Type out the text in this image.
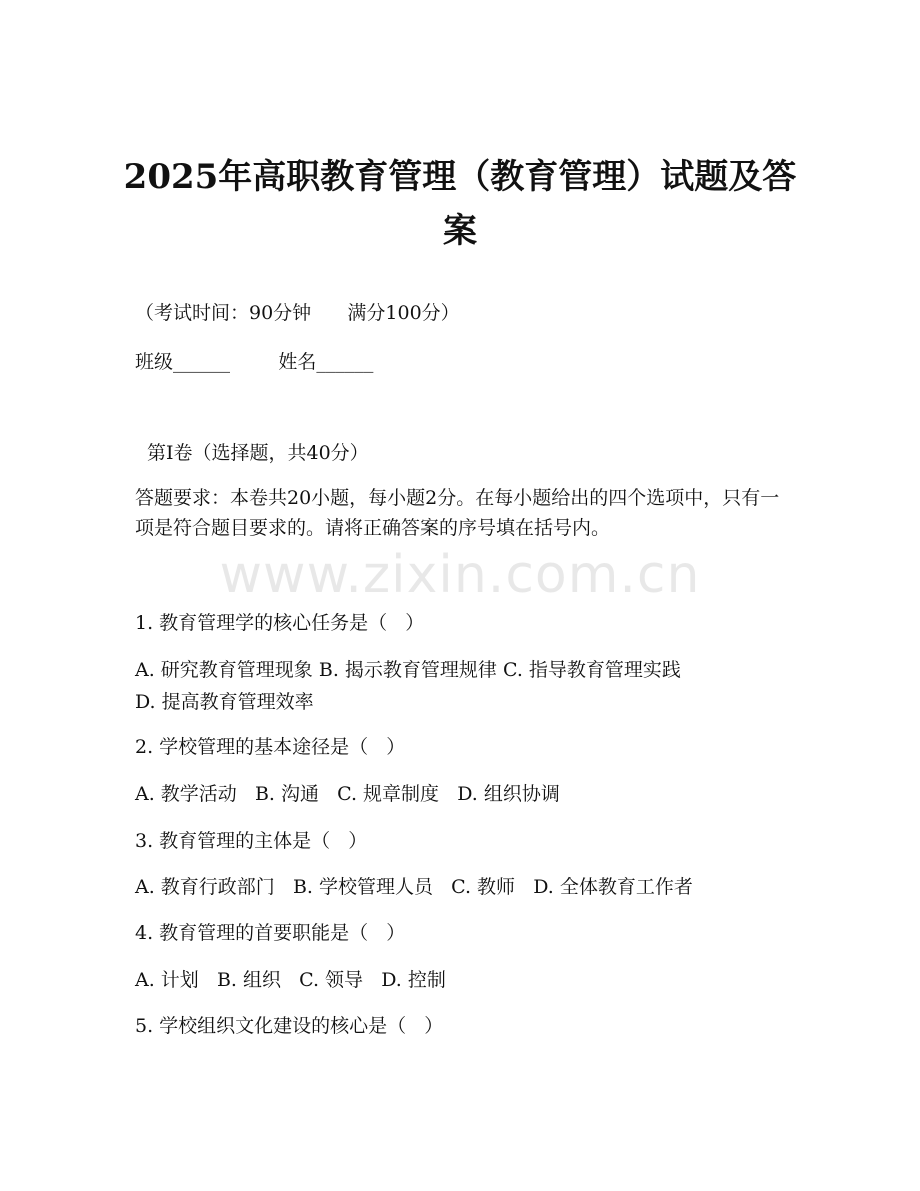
2025年高职教育管理（教育管理）试题及答
案

（考试时间：90分钟      满分100分）

班级______	姓名______

第I卷（选择题，共40分）

答题要求：本卷共20小题，每小题2分。在每小题给出的四个选项中，只有一项是符合题目要求的。请将正确答案的序号填在括号内。

www.zixin.com.cn

1. 教育管理学的核心任务是（   ）

A. 研究教育管理现象 B. 揭示教育管理规律 C. 指导教育管理实践 D. 提高教育管理效率

2. 学校管理的基本途径是（   ）

A. 教学活动 B. 沟通 C. 规章制度 D. 组织协调

3. 教育管理的主体是（   ）

A. 教育行政部门 B. 学校管理人员 C. 教师 D. 全体教育工作者

4. 教育管理的首要职能是（   ）

A. 计划 B. 组织 C. 领导 D. 控制

5. 学校组织文化建设的核心是（   ）
